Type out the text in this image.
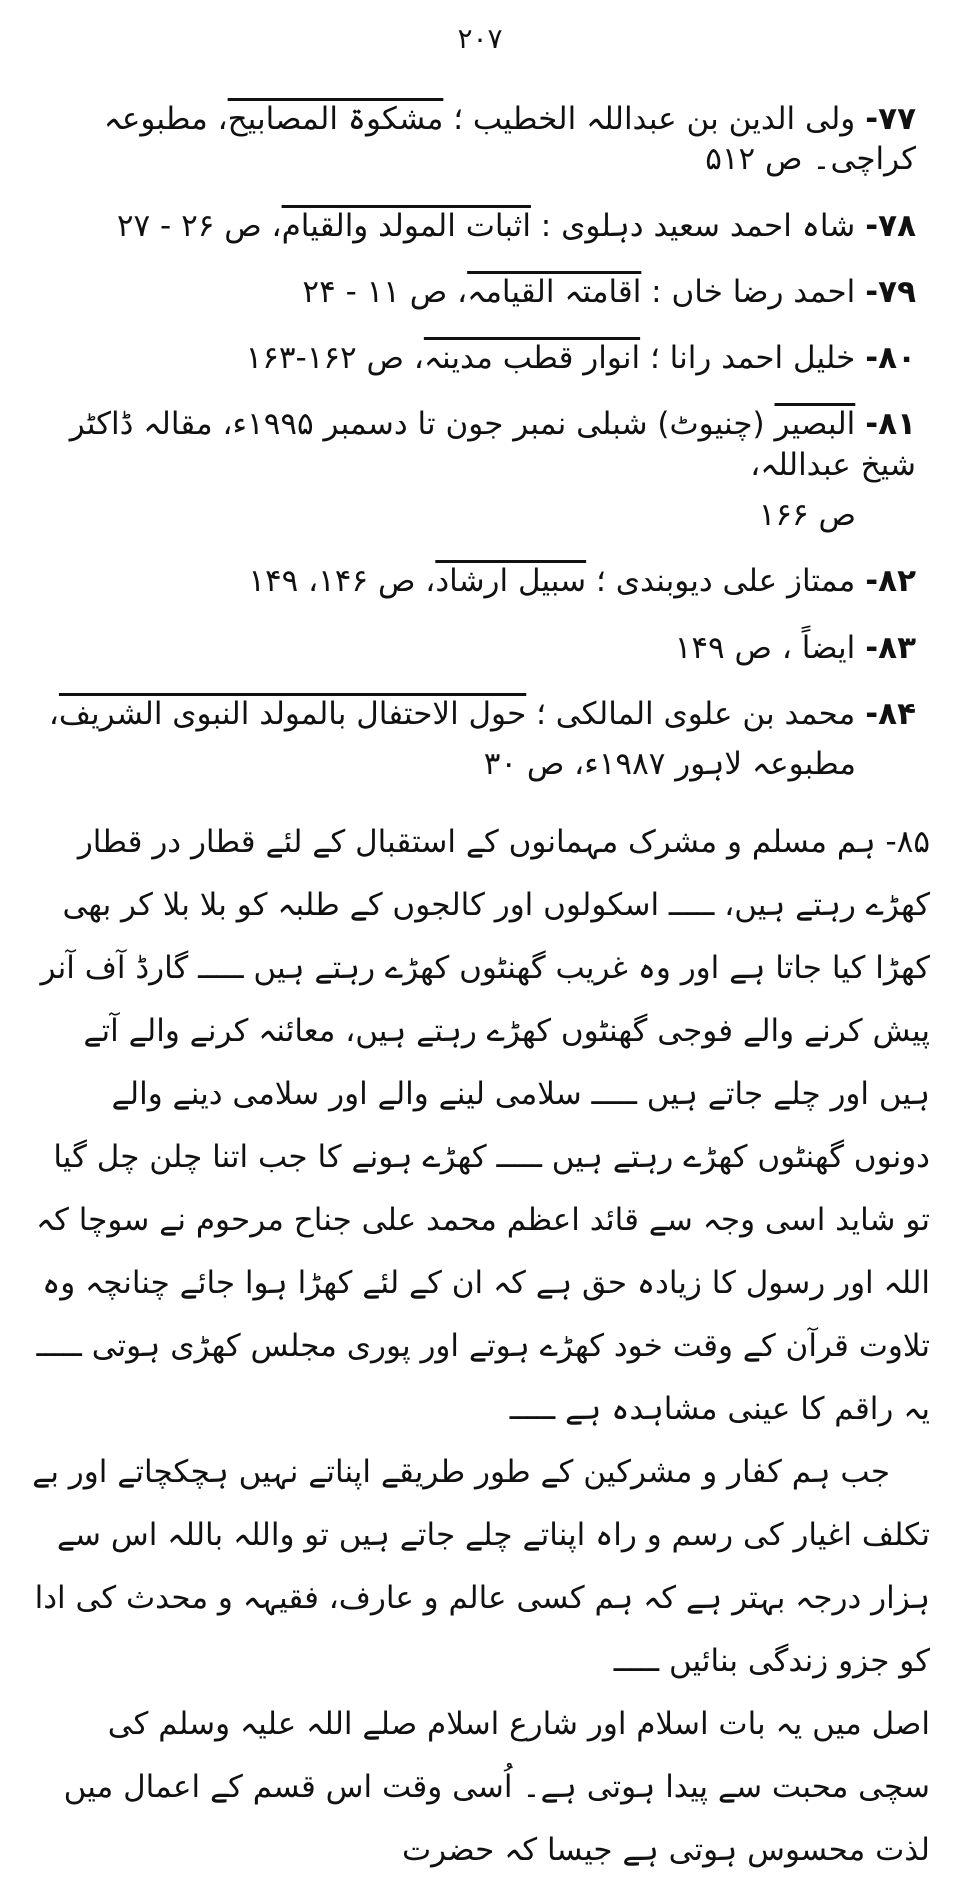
۲۰۷
۷۷-ولی الدین بن عبداللہ الخطیب ؛ مشکوۃ المصابیح، مطبوعہ کراچی۔ ص ۵۱۲
۷۸-شاہ احمد سعید دہلوی : اثبات المولد والقیام، ص ۲۶ - ۲۷
۷۹-احمد رضا خاں : اقامتہ القیامہ، ص ۱۱ - ۲۴
۸۰-خلیل احمد رانا ؛ انوار قطب مدینہ، ص ۱۶۲-۱۶۳
۸۱-البصیر (چنیوٹ) شبلی نمبر جون تا دسمبر ۱۹۹۵ء، مقالہ ڈاکٹر شیخ عبداللہ،
ص ۱۶۶
۸۲-ممتاز علی دیوبندی ؛ سبیل ارشاد، ص ۱۴۶، ۱۴۹
۸۳-ایضاً ، ص ۱۴۹
۸۴-محمد بن علوی المالکی ؛ حول الاحتفال بالمولد النبوی الشریف،
مطبوعہ لاہور ۱۹۸۷ء، ص ۳۰

۸۵- ہم مسلم و مشرک مہمانوں کے استقبال کے لئے قطار در قطار کھڑے رہتے ہیں، ـــــ اسکولوں اور کالجوں کے طلبہ کو بلا بلا کر بھی کھڑا کیا جاتا ہے اور وہ غریب گھنٹوں کھڑے رہتے ہیں ـــــ گارڈ آف آنر پیش کرنے والے فوجی گھنٹوں کھڑے رہتے ہیں، معائنہ کرنے والے آتے ہیں اور چلے جاتے ہیں ـــــ سلامی لینے والے اور سلامی دینے والے دونوں گھنٹوں کھڑے رہتے ہیں ـــــ کھڑے ہونے کا جب اتنا چلن چل گیا تو شاید اسی وجہ سے قائد اعظم محمد علی جناح مرحوم نے سوچا کہ اللہ اور رسول کا زیادہ حق ہے کہ ان کے لئے کھڑا ہوا جائے چنانچہ وہ تلاوت قرآن کے وقت خود کھڑے ہوتے اور پوری مجلس کھڑی ہوتی ـــــ یہ راقم کا عینی مشاہدہ ہے ـــــ

جب ہم کفار و مشرکین کے طور طریقے اپناتے نہیں ہچکچاتے اور بے تکلف اغیار کی رسم و راہ اپناتے چلے جاتے ہیں تو واللہ باللہ اس سے ہزار درجہ بہتر ہے کہ ہم کسی عالم و عارف، فقیہہ و محدث کی ادا کو جزو زندگی بنائیں ـــــ

اصل میں یہ بات اسلام اور شارع اسلام صلے اللہ علیہ وسلم کی سچی محبت سے پیدا ہوتی ہے۔ اُسی وقت اس قسم کے اعمال میں لذت محسوس ہوتی ہے جیسا کہ حضرت
